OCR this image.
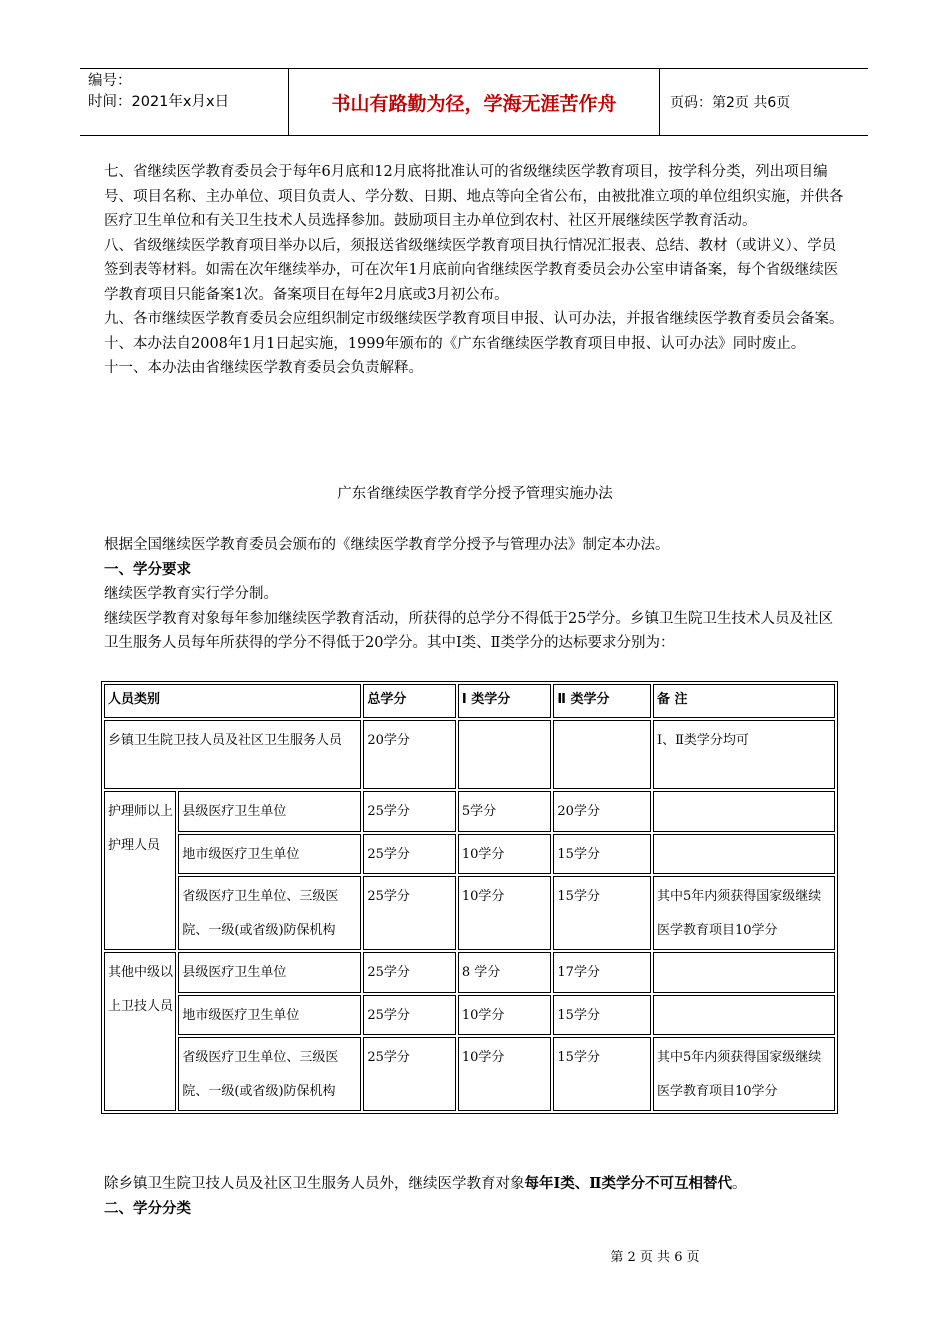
编号：
时间：2021年x月x日	书山有路勤为径，学海无涯苦作舟	页码：第2页 共6页

七、省继续医学教育委员会于每年6月底和12月底将批准认可的省级继续医学教育项目，按学科分类，列出项目编号、项目名称、主办单位、项目负责人、学分数、日期、地点等向全省公布，由被批准立项的单位组织实施，并供各医疗卫生单位和有关卫生技术人员选择参加。鼓励项目主办单位到农村、社区开展继续医学教育活动。

八、省级继续医学教育项目举办以后，须报送省级继续医学教育项目执行情况汇报表、总结、教材（或讲义）、学员签到表等材料。如需在次年继续举办，可在次年1月底前向省继续医学教育委员会办公室申请备案，每个省级继续医学教育项目只能备案1次。备案项目在每年2月底或3月初公布。

九、各市继续医学教育委员会应组织制定市级继续医学教育项目申报、认可办法，并报省继续医学教育委员会备案。

十、本办法自2008年1月1日起实施，1999年颁布的《广东省继续医学教育项目申报、认可办法》同时废止。

十一、本办法由省继续医学教育委员会负责解释。

广东省继续医学教育学分授予管理实施办法

根据全国继续医学教育委员会颁布的《继续医学教育学分授予与管理办法》制定本办法。

一、学分要求

继续医学教育实行学分制。

继续医学教育对象每年参加继续医学教育活动，所获得的总学分不得低于25学分。乡镇卫生院卫生技术人员及社区卫生服务人员每年所获得的学分不得低于20学分。其中Ⅰ类、Ⅱ类学分的达标要求分别为：

人员类别		总学分	Ⅰ 类学分	Ⅱ 类学分	备 注
乡镇卫生院卫技人员及社区卫生服务人员		20学分			Ⅰ、Ⅱ类学分均可
护理师以上护理人员	县级医疗卫生单位	25学分	5学分	20学分	
	地市级医疗卫生单位	25学分	10学分	15学分	
	省级医疗卫生单位、三级医院、一级(或省级)防保机构	25学分	10学分	15学分	其中5年内须获得国家级继续医学教育项目10学分
其他中级以上卫技人员	县级医疗卫生单位	25学分	8 学分	17学分	
	地市级医疗卫生单位	25学分	10学分	15学分	
	省级医疗卫生单位、三级医院、一级(或省级)防保机构	25学分	10学分	15学分	其中5年内须获得国家级继续医学教育项目10学分

除乡镇卫生院卫技人员及社区卫生服务人员外，继续医学教育对象每年Ⅰ类、Ⅱ类学分不可互相替代。

二、学分分类

第 2 页 共 6 页
